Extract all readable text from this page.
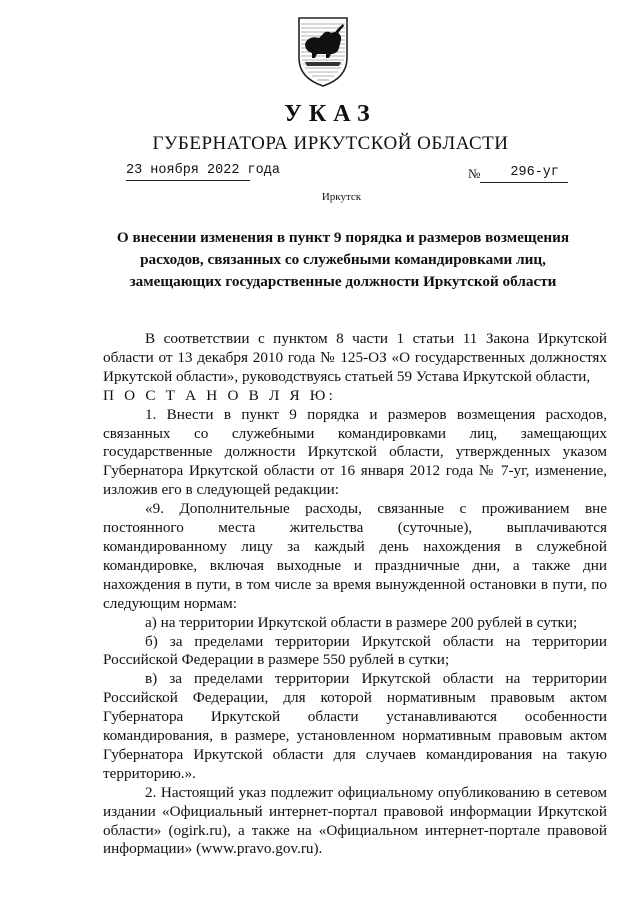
УКАЗ
ГУБЕРНАТОРА ИРКУТСКОЙ ОБЛАСТИ
23 ноября 2022 года	№ 296-уг
Иркутск
О внесении изменения в пункт 9 порядка и размеров возмещения расходов, связанных со служебными командировками лиц, замещающих государственные должности Иркутской области

В соответствии с пунктом 8 части 1 статьи 11 Закона Иркутской области от 13 декабря 2010 года № 125-ОЗ «О государственных должностях Иркутской области», руководствуясь статьей 59 Устава Иркутской области,

П О С Т А Н О В Л Я Ю:

1. Внести в пункт 9 порядка и размеров возмещения расходов, связанных со служебными командировками лиц, замещающих государственные должности Иркутской области, утвержденных указом Губернатора Иркутской области от 16 января 2012 года № 7-уг, изменение, изложив его в следующей редакции:

«9. Дополнительные расходы, связанные с проживанием вне постоянного места жительства (суточные), выплачиваются командированному лицу за каждый день нахождения в служебной командировке, включая выходные и праздничные дни, а также дни нахождения в пути, в том числе за время вынужденной остановки в пути, по следующим нормам:

а) на территории Иркутской области в размере 200 рублей в сутки;

б) за пределами территории Иркутской области на территории Российской Федерации в размере 550 рублей в сутки;

в) за пределами территории Иркутской области на территории Российской Федерации, для которой нормативным правовым актом Губернатора Иркутской области устанавливаются особенности командирования, в размере, установленном нормативным правовым актом Губернатора Иркутской области для случаев командирования на такую территорию.».

2. Настоящий указ подлежит официальному опубликованию в сетевом издании «Официальный интернет-портал правовой информации Иркутской области» (ogirk.ru), а также на «Официальном интернет-портале правовой информации» (www.pravo.gov.ru).
